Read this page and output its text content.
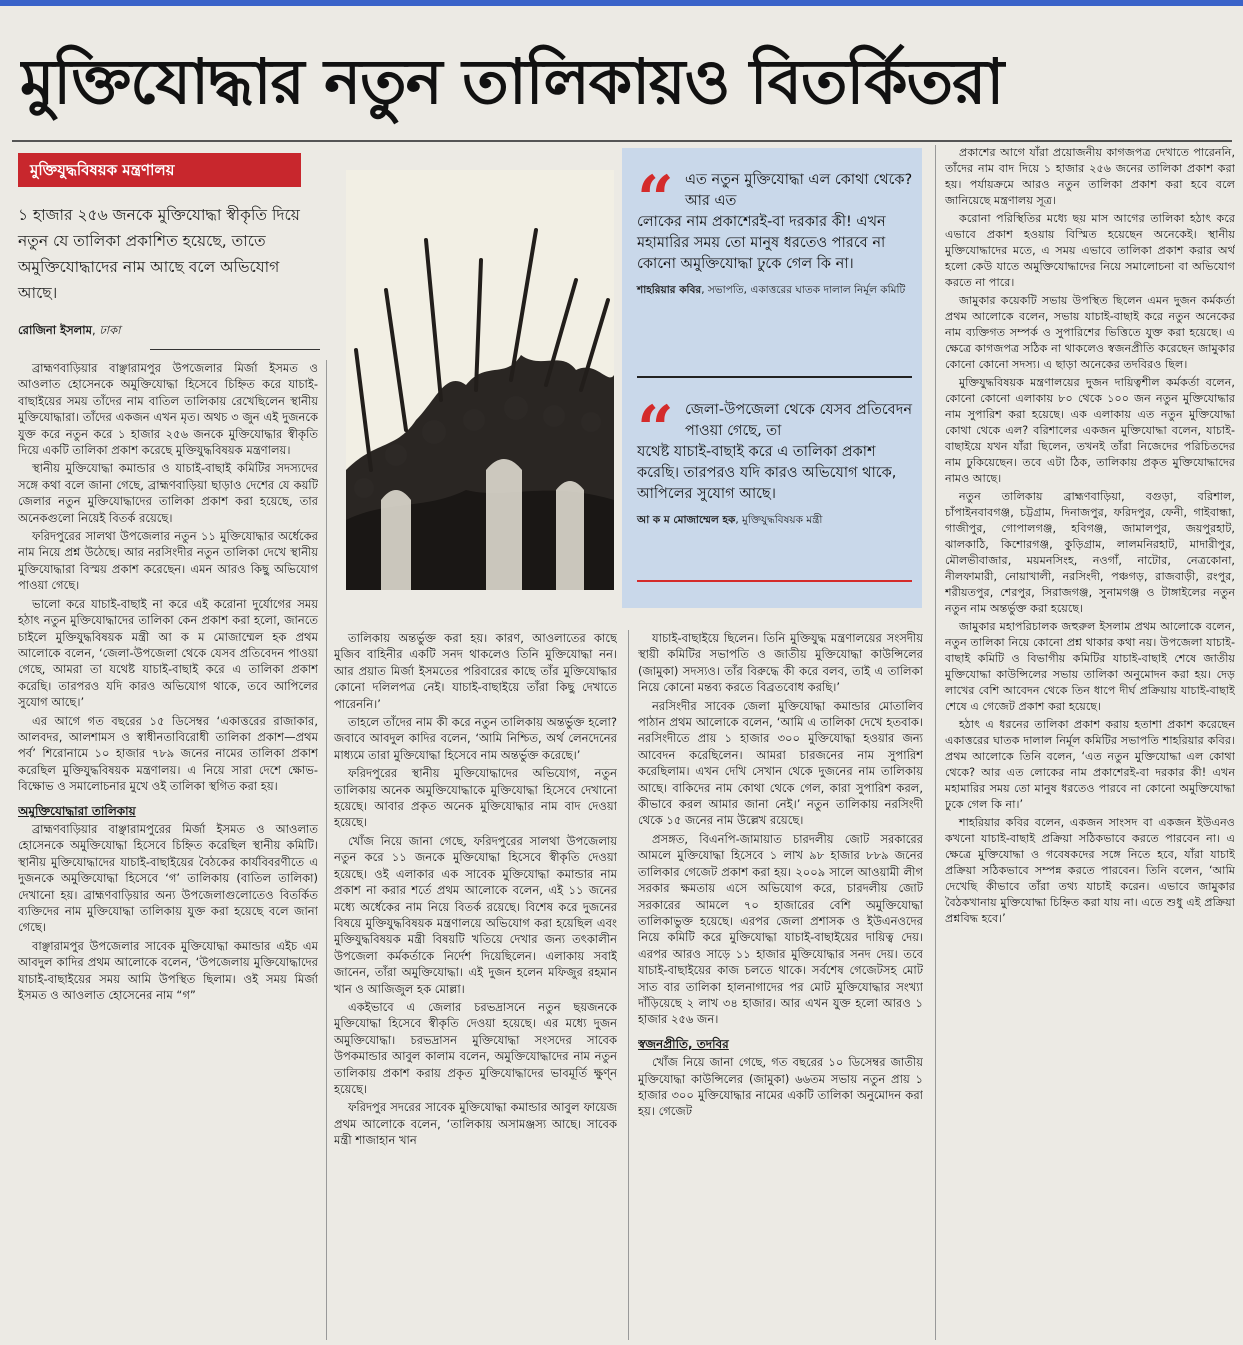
মুক্তিযোদ্ধার নতুন তালিকায়ও বিতর্কিতরা
মুক্তিযুদ্ধবিষয়ক মন্ত্রণালয়
১ হাজার ২৫৬ জনকে মুক্তিযোদ্ধা স্বীকৃতি দিয়ে নতুন যে তালিকা প্রকাশিত হয়েছে, তাতে অমুক্তিযোদ্ধাদের নাম আছে বলে অভিযোগ আছে।
রোজিনা ইসলাম, ঢাকা

ব্রাহ্মণবাড়িয়ার বাঞ্ছারামপুর উপজেলার মির্জা ইসমত ও আওলাত হোসেনকে অমুক্তিযোদ্ধা হিসেবে চিহ্নিত করে যাচাই-বাছাইয়ের সময় তাঁদের নাম বাতিল তালিকায় রেখেছিলেন স্থানীয় মুক্তিযোদ্ধারা। তাঁদের একজন এখন মৃত। অথচ ৩ জুন এই দুজনকে যুক্ত করে নতুন করে ১ হাজার ২৫৬ জনকে মুক্তিযোদ্ধার স্বীকৃতি দিয়ে একটি তালিকা প্রকাশ করেছে মুক্তিযুদ্ধবিষয়ক মন্ত্রণালয়।

স্থানীয় মুক্তিযোদ্ধা কমান্ডার ও যাচাই-বাছাই কমিটির সদস্যদের সঙ্গে কথা বলে জানা গেছে, ব্রাহ্মণবাড়িয়া ছাড়াও দেশের যে কয়টি জেলার নতুন মুক্তিযোদ্ধাদের তালিকা প্রকাশ করা হয়েছে, তার অনেকগুলো নিয়েই বিতর্ক রয়েছে।

ফরিদপুরের সালথা উপজেলার নতুন ১১ মুক্তিযোদ্ধার অর্ধেকের নাম নিয়ে প্রশ্ন উঠেছে। আর নরসিংদীর নতুন তালিকা দেখে স্থানীয় মুক্তিযোদ্ধারা বিস্ময় প্রকাশ করেছেন। এমন আরও কিছু অভিযোগ পাওয়া গেছে।

ভালো করে যাচাই-বাছাই না করে এই করোনা দুর্যোগের সময় হঠাৎ নতুন মুক্তিযোদ্ধাদের তালিকা কেন প্রকাশ করা হলো, জানতে চাইলে মুক্তিযুদ্ধবিষয়ক মন্ত্রী আ ক ম মোজাম্মেল হক প্রথম আলোকে বলেন, ‘জেলা-উপজেলা থেকে যেসব প্রতিবেদন পাওয়া গেছে, আমরা তা যথেষ্ট যাচাই-বাছাই করে এ তালিকা প্রকাশ করেছি। তারপরও যদি কারও অভিযোগ থাকে, তবে আপিলের সুযোগ আছে।’

এর আগে গত বছরের ১৫ ডিসেম্বর ‘একাত্তরের রাজাকার, আলবদর, আলশামস ও স্বাধীনতাবিরোধী তালিকা প্রকাশ—প্রথম পর্ব’ শিরোনামে ১০ হাজার ৭৮৯ জনের নামের তালিকা প্রকাশ করেছিল মুক্তিযুদ্ধবিষয়ক মন্ত্রণালয়। এ নিয়ে সারা দেশে ক্ষোভ-বিক্ষোভ ও সমালোচনার মুখে ওই তালিকা স্থগিত করা হয়।

অমুক্তিযোদ্ধারা তালিকায়

ব্রাহ্মণবাড়িয়ার বাঞ্ছারামপুরের মির্জা ইসমত ও আওলাত হোসেনকে অমুক্তিযোদ্ধা হিসেবে চিহ্নিত করেছিল স্থানীয় কমিটি। স্থানীয় মুক্তিযোদ্ধাদের যাচাই-বাছাইয়ের বৈঠকের কার্যবিবরণীতে এ দুজনকে অমুক্তিযোদ্ধা হিসেবে ‘গ’ তালিকায় (বাতিল তালিকা) দেখানো হয়। ব্রাহ্মণবাড়িয়ার অন্য উপজেলাগুলোতেও বিতর্কিত ব্যক্তিদের নাম মুক্তিযোদ্ধা তালিকায় যুক্ত করা হয়েছে বলে জানা গেছে।

বাঞ্ছারামপুর উপজেলার সাবেক মুক্তিযোদ্ধা কমান্ডার এইচ এম আবদুল কাদির প্রথম আলোকে বলেন, ‘উপজেলায় মুক্তিযোদ্ধাদের যাচাই-বাছাইয়ের সময় আমি উপস্থিত ছিলাম। ওই সময় মির্জা ইসমত ও আওলাত হোসেনের নাম “গ”

“ এত নতুন মুক্তিযোদ্ধা এল কোথা থেকে? আর এত
লোকের নাম প্রকাশেরই-বা দরকার কী! এখন মহামারির সময় তো মানুষ ধরতেও পারবে না কোনো অমুক্তিযোদ্ধা ঢুকে গেল কি না।
শাহরিয়ার কবির, সভাপতি, একাত্তরের ঘাতক দালাল নির্মূল কমিটি
“ জেলা-উপজেলা থেকে যেসব প্রতিবেদন পাওয়া গেছে, তা
যথেষ্ট যাচাই-বাছাই করে এ তালিকা প্রকাশ করেছি। তারপরও যদি কারও অভিযোগ থাকে, আপিলের সুযোগ আছে।
আ ক ম মোজাম্মেল হক, মুক্তিযুদ্ধবিষয়ক মন্ত্রী

তালিকায় অন্তর্ভুক্ত করা হয়। কারণ, আওলাতের কাছে মুজিব বাহিনীর একটি সনদ থাকলেও তিনি মুক্তিযোদ্ধা নন। আর প্রয়াত মির্জা ইসমতের পরিবারের কাছে তাঁর মুক্তিযোদ্ধার কোনো দলিলপত্র নেই। যাচাই-বাছাইয়ে তাঁরা কিছু দেখাতে পারেননি।’

তাহলে তাঁদের নাম কী করে নতুন তালিকায় অন্তর্ভুক্ত হলো? জবাবে আবদুল কাদির বলেন, ‘আমি নিশ্চিত, অর্থ লেনদেনের মাধ্যমে তারা মুক্তিযোদ্ধা হিসেবে নাম অন্তর্ভুক্ত করেছে।’

ফরিদপুরের স্থানীয় মুক্তিযোদ্ধাদের অভিযোগ, নতুন তালিকায় অনেক অমুক্তিযোদ্ধাকে মুক্তিযোদ্ধা হিসেবে দেখানো হয়েছে। আবার প্রকৃত অনেক মুক্তিযোদ্ধার নাম বাদ দেওয়া হয়েছে।

খোঁজ নিয়ে জানা গেছে, ফরিদপুরের সালথা উপজেলায় নতুন করে ১১ জনকে মুক্তিযোদ্ধা হিসেবে স্বীকৃতি দেওয়া হয়েছে। ওই এলাকার এক সাবেক মুক্তিযোদ্ধা কমান্ডার নাম প্রকাশ না করার শর্তে প্রথম আলোকে বলেন, এই ১১ জনের মধ্যে অর্ধেকের নাম নিয়ে বিতর্ক রয়েছে। বিশেষ করে দুজনের বিষয়ে মুক্তিযুদ্ধবিষয়ক মন্ত্রণালয়ে অভিযোগ করা হয়েছিল এবং মুক্তিযুদ্ধবিষয়ক মন্ত্রী বিষয়টি খতিয়ে দেখার জন্য তৎকালীন উপজেলা কর্মকর্তাকে নির্দেশ দিয়েছিলেন। এলাকায় সবাই জানেন, তাঁরা অমুক্তিযোদ্ধা। এই দুজন হলেন মফিজুর রহমান খান ও আজিজুল হক মোল্লা।

একইভাবে এ জেলার চরভদ্রাসনে নতুন ছয়জনকে মুক্তিযোদ্ধা হিসেবে স্বীকৃতি দেওয়া হয়েছে। এর মধ্যে দুজন অমুক্তিযোদ্ধা। চরভদ্রাসন মুক্তিযোদ্ধা সংসদের সাবেক উপকমান্ডার আবুল কালাম বলেন, অমুক্তিযোদ্ধাদের নাম নতুন তালিকায় প্রকাশ করায় প্রকৃত মুক্তিযোদ্ধাদের ভাবমূর্তি ক্ষুণ্ন হয়েছে।

ফরিদপুর সদরের সাবেক মুক্তিযোদ্ধা কমান্ডার আবুল ফায়েজ প্রথম আলোকে বলেন, ‘তালিকায় অসামঞ্জস্য আছে। সাবেক মন্ত্রী শাজাহান খান

যাচাই-বাছাইয়ে ছিলেন। তিনি মুক্তিযুদ্ধ মন্ত্রণালয়ের সংসদীয় স্থায়ী কমিটির সভাপতি ও জাতীয় মুক্তিযোদ্ধা কাউন্সিলের (জামুকা) সদস্যও। তাঁর বিরুদ্ধে কী করে বলব, তাই এ তালিকা নিয়ে কোনো মন্তব্য করতে বিব্রতবোধ করছি।’

নরসিংদীর সাবেক জেলা মুক্তিযোদ্ধা কমান্ডার মোতালিব পাঠান প্রথম আলোকে বলেন, ‘আমি এ তালিকা দেখে হতবাক। নরসিংদীতে প্রায় ১ হাজার ৩০০ মুক্তিযোদ্ধা হওয়ার জন্য আবেদন করেছিলেন। আমরা চারজনের নাম সুপারিশ করেছিলাম। এখন দেখি সেখান থেকে দুজনের নাম তালিকায় আছে। বাকিদের নাম কোথা থেকে গেল, কারা সুপারিশ করল, কীভাবে করল আমার জানা নেই।’ নতুন তালিকায় নরসিংদী থেকে ১৫ জনের নাম উল্লেখ রয়েছে।

প্রসঙ্গত, বিএনপি-জামায়াত চারদলীয় জোট সরকারের আমলে মুক্তিযোদ্ধা হিসেবে ১ লাখ ৯৮ হাজার ৮৮৯ জনের তালিকার গেজেট প্রকাশ করা হয়। ২০০৯ সালে আওয়ামী লীগ সরকার ক্ষমতায় এসে অভিযোগ করে, চারদলীয় জোট সরকারের আমলে ৭০ হাজারের বেশি অমুক্তিযোদ্ধা তালিকাভুক্ত হয়েছে। এরপর জেলা প্রশাসক ও ইউএনওদের নিয়ে কমিটি করে মুক্তিযোদ্ধা যাচাই-বাছাইয়ের দায়িত্ব দেয়। এরপর আরও সাড়ে ১১ হাজার মুক্তিযোদ্ধার সনদ দেয়। তবে যাচাই-বাছাইয়ের কাজ চলতে থাকে। সর্বশেষ গেজেটসহ মোট সাত বার তালিকা হালনাগাদের পর মোট মুক্তিযোদ্ধার সংখ্যা দাঁড়িয়েছে ২ লাখ ৩৪ হাজার। আর এখন যুক্ত হলো আরও ১ হাজার ২৫৬ জন।

স্বজনপ্রীতি, তদবির

খোঁজ নিয়ে জানা গেছে, গত বছরের ১০ ডিসেম্বর জাতীয় মুক্তিযোদ্ধা কাউন্সিলের (জামুকা) ৬৬তম সভায় নতুন প্রায় ১ হাজার ৩০০ মুক্তিযোদ্ধার নামের একটি তালিকা অনুমোদন করা হয়। গেজেট

প্রকাশের আগে যাঁরা প্রয়োজনীয় কাগজপত্র দেখাতে পারেননি, তাঁদের নাম বাদ দিয়ে ১ হাজার ২৫৬ জনের তালিকা প্রকাশ করা হয়। পর্যায়ক্রমে আরও নতুন তালিকা প্রকাশ করা হবে বলে জানিয়েছে মন্ত্রণালয় সূত্র।

করোনা পরিস্থিতির মধ্যে ছয় মাস আগের তালিকা হঠাৎ করে এভাবে প্রকাশ হওয়ায় বিস্মিত হয়েছেন অনেকেই। স্থানীয় মুক্তিযোদ্ধাদের মতে, এ সময় এভাবে তালিকা প্রকাশ করার অর্থ হলো কেউ যাতে অমুক্তিযোদ্ধাদের নিয়ে সমালোচনা বা অভিযোগ করতে না পারে।

জামুকার কয়েকটি সভায় উপস্থিত ছিলেন এমন দুজন কর্মকর্তা প্রথম আলোকে বলেন, সভায় যাচাই-বাছাই করে নতুন অনেকের নাম ব্যক্তিগত সম্পর্ক ও সুপারিশের ভিত্তিতে যুক্ত করা হয়েছে। এ ক্ষেত্রে কাগজপত্র সঠিক না থাকলেও স্বজনপ্রীতি করেছেন জামুকার কোনো কোনো সদস্য। এ ছাড়া অনেকের তদবিরও ছিল।

মুক্তিযুদ্ধবিষয়ক মন্ত্রণালয়ের দুজন দায়িত্বশীল কর্মকর্তা বলেন, কোনো কোনো এলাকায় ৮০ থেকে ১০০ জন নতুন মুক্তিযোদ্ধার নাম সুপারিশ করা হয়েছে। এক এলাকায় এত নতুন মুক্তিযোদ্ধা কোথা থেকে এল? বরিশালের একজন মুক্তিযোদ্ধা বলেন, যাচাই-বাছাইয়ে যখন যাঁরা ছিলেন, তখনই তাঁরা নিজেদের পরিচিতদের নাম ঢুকিয়েছেন। তবে এটা ঠিক, তালিকায় প্রকৃত মুক্তিযোদ্ধাদের নামও আছে।

নতুন তালিকায় ব্রাহ্মণবাড়িয়া, বগুড়া, বরিশাল, চাঁপাইনবাবগঞ্জ, চট্টগ্রাম, দিনাজপুর, ফরিদপুর, ফেনী, গাইবান্ধা, গাজীপুর, গোপালগঞ্জ, হবিগঞ্জ, জামালপুর, জয়পুরহাট, ঝালকাঠি, কিশোরগঞ্জ, কুড়িগ্রাম, লালমনিরহাট, মাদারীপুর, মৌলভীবাজার, ময়মনসিংহ, নওগাঁ, নাটোর, নেত্রকোনা, নীলফামারী, নোয়াখালী, নরসিংদী, পঞ্চগড়, রাজবাড়ী, রংপুর, শরীয়তপুর, শেরপুর, সিরাজগঞ্জ, সুনামগঞ্জ ও টাঙ্গাইলের নতুন নতুন নাম অন্তর্ভুক্ত করা হয়েছে।

জামুকার মহাপরিচালক জহুরুল ইসলাম প্রথম আলোকে বলেন, নতুন তালিকা নিয়ে কোনো প্রশ্ন থাকার কথা নয়। উপজেলা যাচাই-বাছাই কমিটি ও বিভাগীয় কমিটির যাচাই-বাছাই শেষে জাতীয় মুক্তিযোদ্ধা কাউন্সিলের সভায় তালিকা অনুমোদন করা হয়। দেড় লাখের বেশি আবেদন থেকে তিন ধাপে দীর্ঘ প্রক্রিয়ায় যাচাই-বাছাই শেষে এ গেজেট প্রকাশ করা হয়েছে।

হঠাৎ এ ধরনের তালিকা প্রকাশ করায় হতাশা প্রকাশ করেছেন একাত্তরের ঘাতক দালাল নির্মূল কমিটির সভাপতি শাহরিয়ার কবির। প্রথম আলোকে তিনি বলেন, ‘এত নতুন মুক্তিযোদ্ধা এল কোথা থেকে? আর এত লোকের নাম প্রকাশেরই-বা দরকার কী! এখন মহামারির সময় তো মানুষ ধরতেও পারবে না কোনো অমুক্তিযোদ্ধা ঢুকে গেল কি না।’

শাহরিয়ার কবির বলেন, একজন সাংসদ বা একজন ইউএনও কখনো যাচাই-বাছাই প্রক্রিয়া সঠিকভাবে করতে পারবেন না। এ ক্ষেত্রে মুক্তিযোদ্ধা ও গবেষকদের সঙ্গে নিতে হবে, যাঁরা যাচাই প্রক্রিয়া সঠিকভাবে সম্পন্ন করতে পারবেন। তিনি বলেন, ‘আমি দেখেছি কীভাবে তাঁরা তথ্য যাচাই করেন। এভাবে জামুকার বৈঠকখানায় মুক্তিযোদ্ধা চিহ্নিত করা যায় না। এতে শুধু এই প্রক্রিয়া প্রশ্নবিদ্ধ হবে।’
